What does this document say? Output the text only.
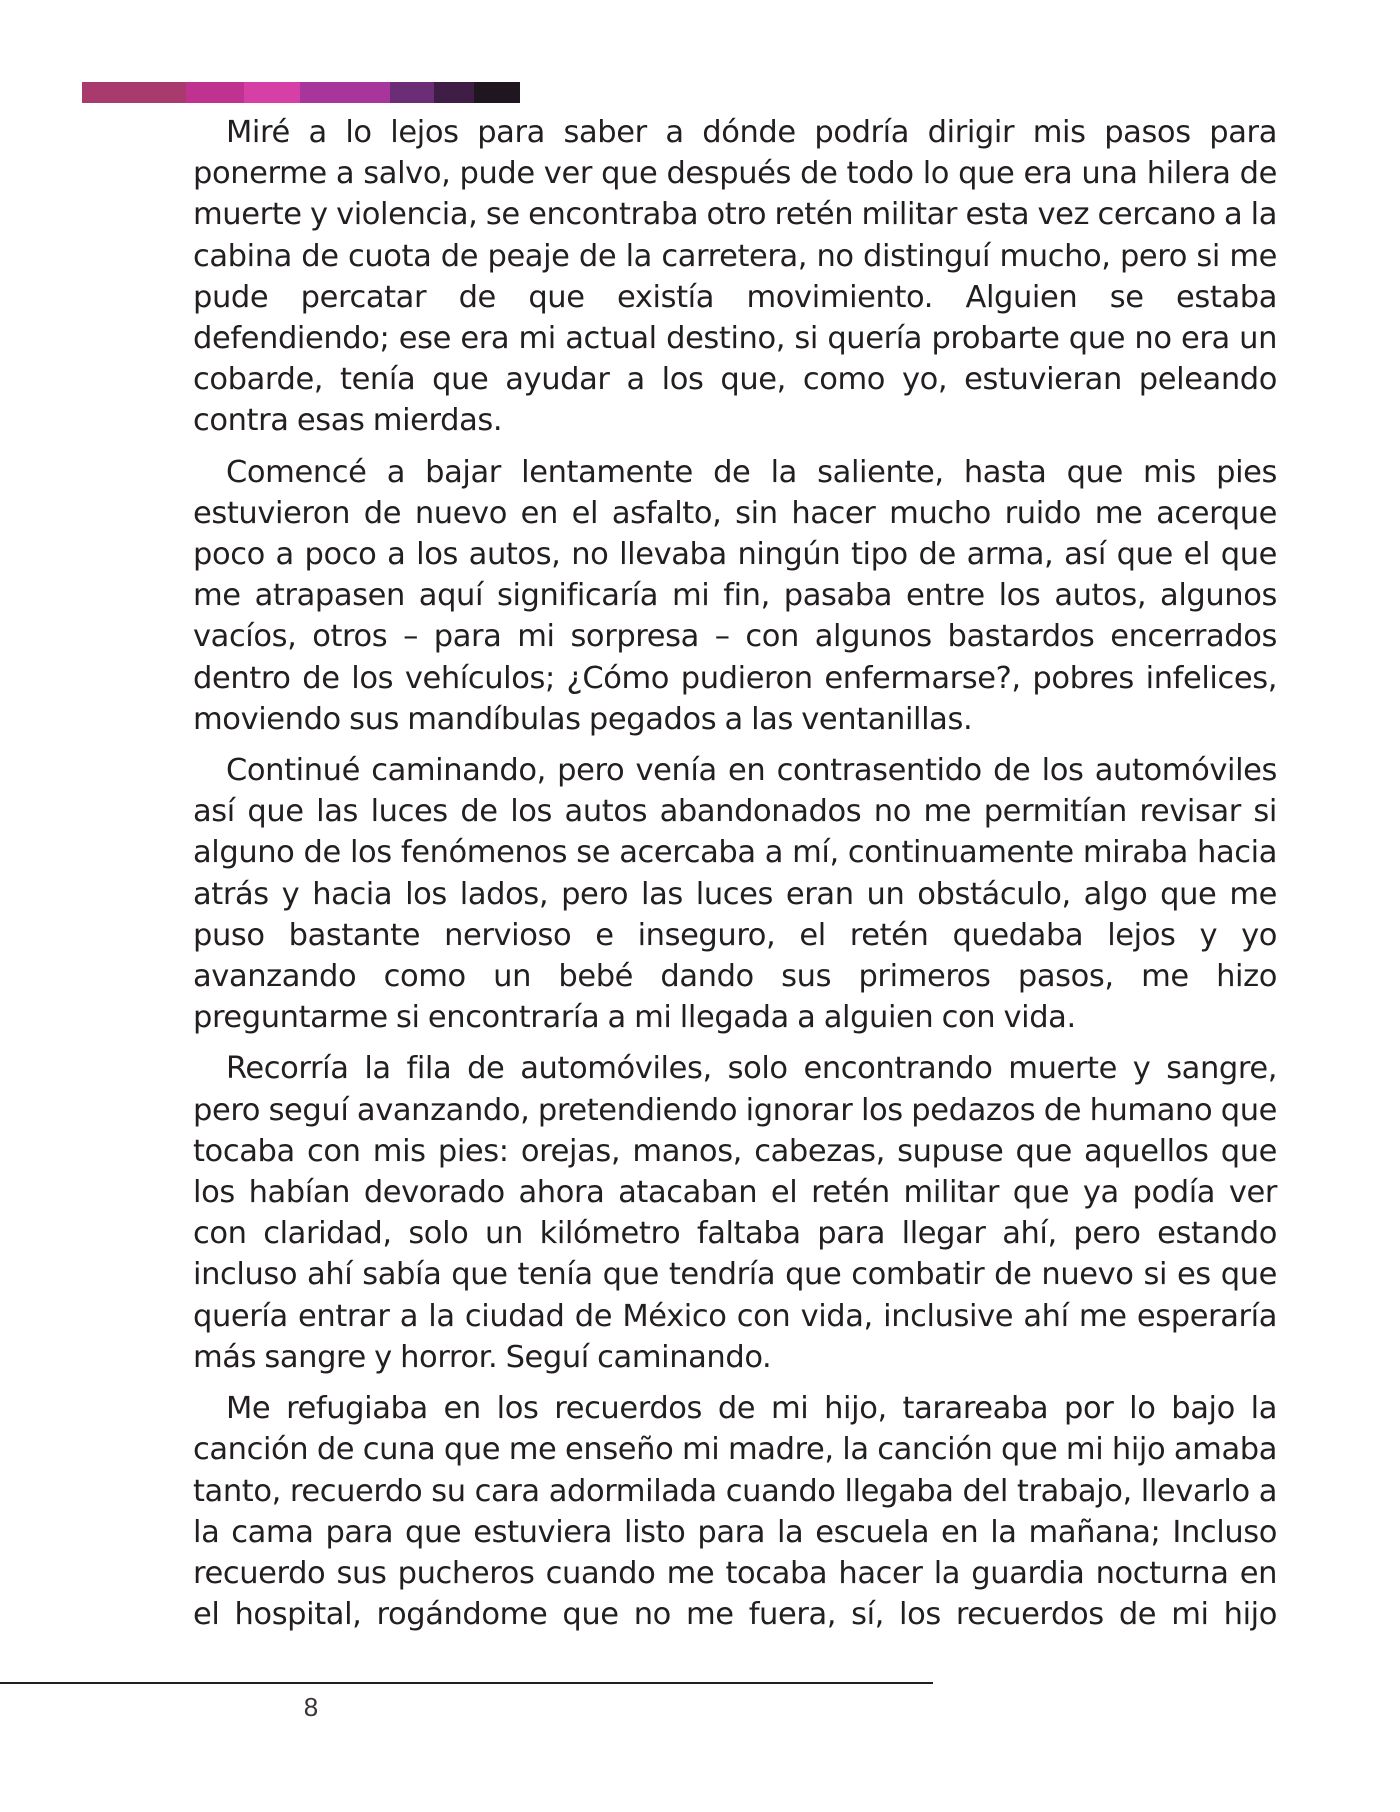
Miré a lo lejos para saber a dónde podría dirigir mis pasos para ponerme a salvo, pude ver que después de todo lo que era una hilera de muerte y violencia, se encontraba otro retén militar esta vez cercano a la cabina de cuota de peaje de la carretera, no distinguí mucho, pero si me pude percatar de que existía movimiento. Alguien se estaba defendiendo; ese era mi actual destino, si quería probarte que no era un cobarde, tenía que ayudar a los que, como yo, estuvieran peleando contra esas mierdas.

Comencé a bajar lentamente de la saliente, hasta que mis pies estuvieron de nuevo en el asfalto, sin hacer mucho ruido me acerque poco a poco a los autos, no llevaba ningún tipo de arma, así que el que me atrapasen aquí significaría mi fin, pasaba entre los autos, algunos vacíos, otros – para mi sorpresa – con algunos bastardos encerrados dentro de los vehículos; ¿Cómo pudieron enfermarse?, pobres infelices, moviendo sus mandíbulas pegados a las ventanillas.

Continué caminando, pero venía en contrasentido de los automóviles así que las luces de los autos abandonados no me permitían revisar si alguno de los fenómenos se acercaba a mí, continuamente miraba hacia atrás y hacia los lados, pero las luces eran un obstáculo, algo que me puso bastante nervioso e inseguro, el retén quedaba lejos y yo avanzando como un bebé dando sus primeros pasos, me hizo preguntarme si encontraría a mi llegada a alguien con vida.

Recorría la fila de automóviles, solo encontrando muerte y sangre, pero seguí avanzando, pretendiendo ignorar los pedazos de humano que tocaba con mis pies: orejas, manos, cabezas, supuse que aquellos que los habían devorado ahora atacaban el retén militar que ya podía ver con claridad, solo un kilómetro faltaba para llegar ahí, pero estando incluso ahí sabía que tenía que tendría que combatir de nuevo si es que quería entrar a la ciudad de México con vida, inclusive ahí me esperaría más sangre y horror. Seguí caminando.

Me refugiaba en los recuerdos de mi hijo, tarareaba por lo bajo la canción de cuna que me enseño mi madre, la canción que mi hijo amaba tanto, recuerdo su cara adormilada cuando llegaba del trabajo, llevarlo a la cama para que estuviera listo para la escuela en la mañana; Incluso recuerdo sus pucheros cuando me tocaba hacer la guardia nocturna en el hospital, rogándome que no me fuera, sí, los recuerdos de mi hijo

8
